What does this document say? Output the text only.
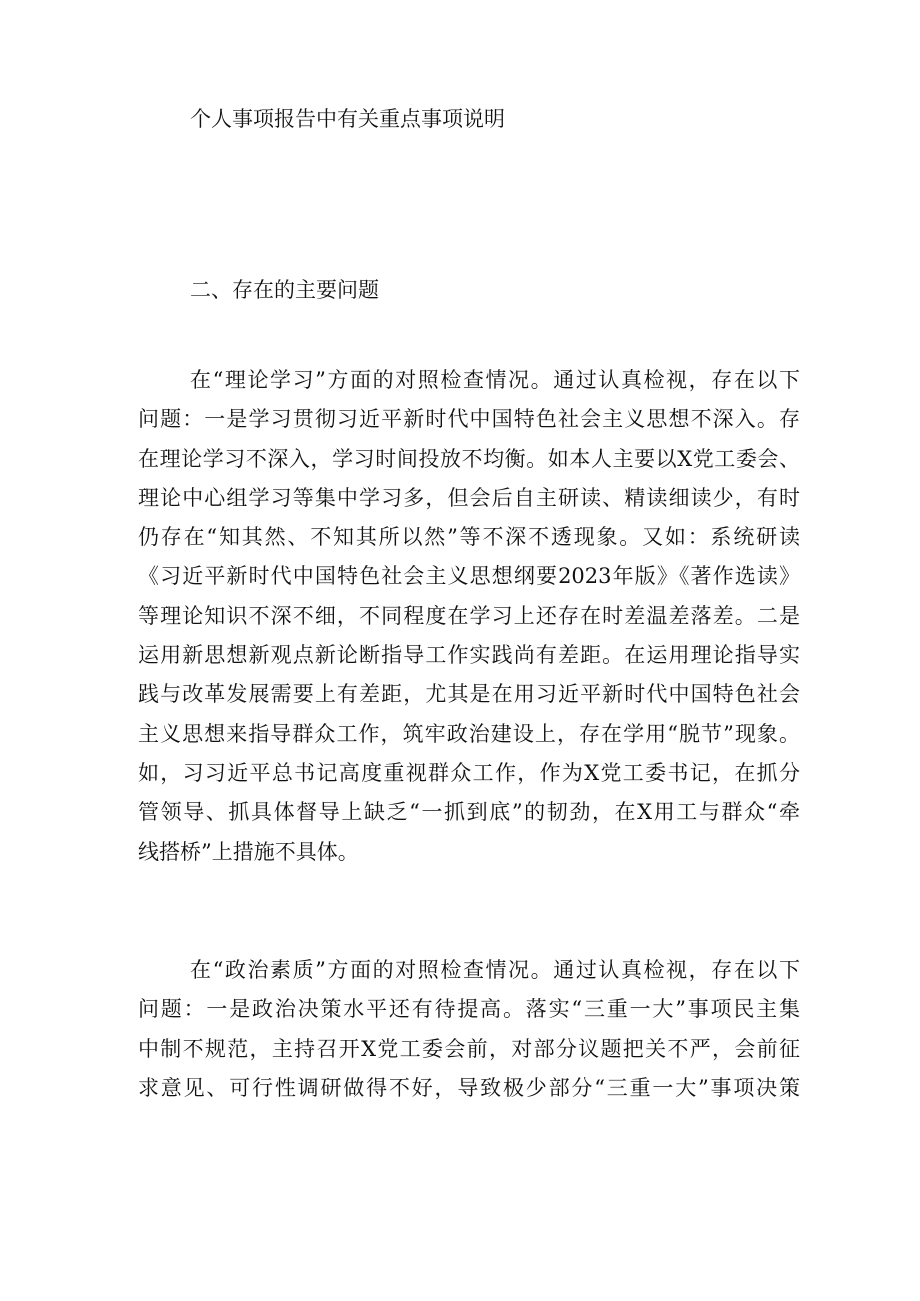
个人事项报告中有关重点事项说明
二、存在的主要问题
在“理论学习”方面的对照检查情况。通过认真检视，存在以下
问题：一是学习贯彻习近平新时代中国特色社会主义思想不深入。存
在理论学习不深入，学习时间投放不均衡。如本人主要以X党工委会、
理论中心组学习等集中学习多，但会后自主研读、精读细读少，有时
仍存在“知其然、不知其所以然”等不深不透现象。又如：系统研读
《习近平新时代中国特色社会主义思想纲要2023年版》《著作选读》
等理论知识不深不细，不同程度在学习上还存在时差温差落差。二是
运用新思想新观点新论断指导工作实践尚有差距。在运用理论指导实
践与改革发展需要上有差距，尤其是在用习近平新时代中国特色社会
主义思想来指导群众工作，筑牢政治建设上，存在学用“脱节”现象。
如，习习近平总书记高度重视群众工作，作为X党工委书记，在抓分
管领导、抓具体督导上缺乏“一抓到底”的韧劲，在X用工与群众“牵
线搭桥”上措施不具体。
在“政治素质”方面的对照检查情况。通过认真检视，存在以下
问题：一是政治决策水平还有待提高。落实“三重一大”事项民主集
中制不规范，主持召开X党工委会前，对部分议题把关不严，会前征
求意见、可行性调研做得不好，导致极少部分“三重一大”事项决策
